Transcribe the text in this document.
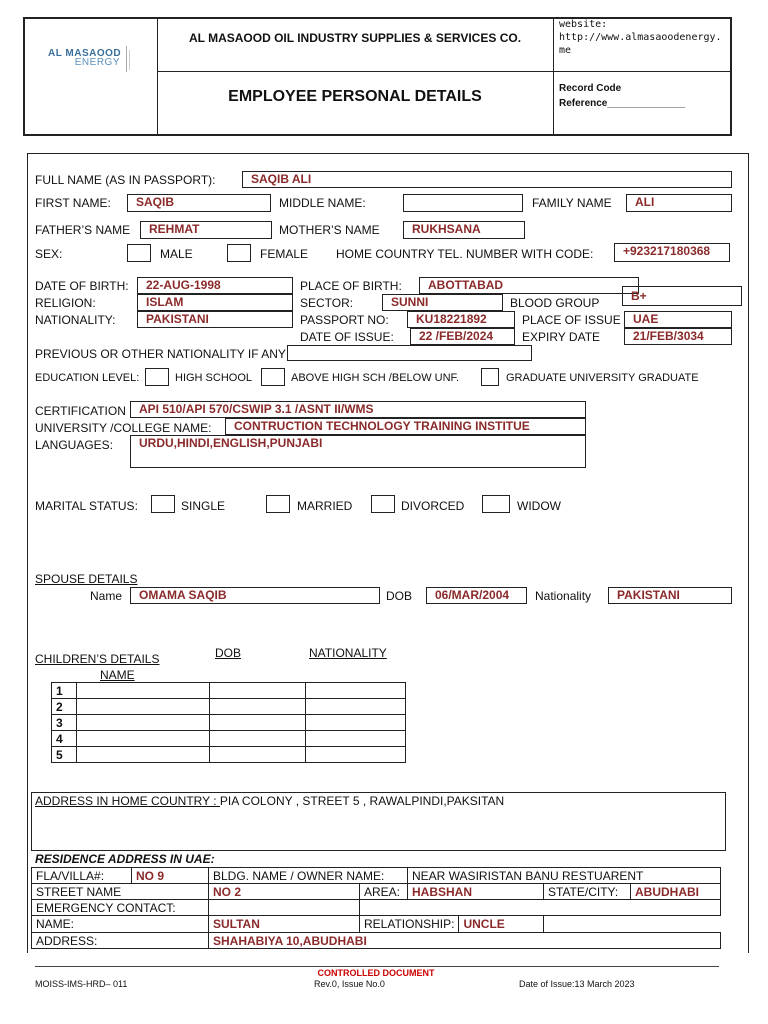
AL MASAOOD
ENERGY
AL MASAOOD OIL INDUSTRY SUPPLIES & SERVICES CO.
EMPLOYEE PERSONAL DETAILS
website:
http://www.almasaoodenergy.me
Record Code
Reference______________
FULL NAME (AS IN PASSPORT):	SAQIB ALI
FIRST NAME:	SAQIB	MIDDLE NAME:	FAMILY NAME	ALI
FATHER’S NAME	REHMAT	MOTHER’S NAME	RUKHSANA
SEX:	MALE	FEMALE HOME COUNTRY TEL. NUMBER WITH CODE:	+923217180368
DATE OF BIRTH:	22-AUG-1998	PLACE OF BIRTH:	ABOTTABAD
RELIGION:	ISLAM	SECTOR:	SUNNI	BLOOD GROUP	B+
NATIONALITY:	PAKISTANI	PASSPORT NO:	KU18221892	PLACE OF ISSUE	UAE
DATE OF ISSUE:	22 /FEB/2024	EXPIRY DATE	21/FEB/3034
PREVIOUS OR OTHER NATIONALITY IF ANY
EDUCATION LEVEL:	HIGH SCHOOL	ABOVE HIGH SCH /BELOW UNF.	GRADUATE UNIVERSITY GRADUATE
CERTIFICATION	API 510/API 570/CSWIP 3.1 /ASNT II/WMS
UNIVERSITY /COLLEGE NAME:	CONTRUCTION TECHNOLOGY TRAINING INSTITUE
LANGUAGES:	URDU,HINDI,ENGLISH,PUNJABI
MARITAL STATUS:	SINGLE	MARRIED	DIVORCED	WIDOW
SPOUSE DETAILS
Name	OMAMA SAQIB	DOB	06/MAR/2004	Nationality	PAKISTANI
CHILDREN’S DETAILS
NAME
DOB	NATIONALITY
1			
2			
3			
4			
5			
ADDRESS IN HOME COUNTRY : PIA COLONY , STREET 5 , RAWALPINDI,PAKSITAN
RESIDENCE ADDRESS IN UAE:
FLA/VILLA#:	NO 9	BLDG. NAME / OWNER NAME:		NEAR WASIRISTAN BANU RESTUARENT		
STREET NAME		NO 2	AREA:	HABSHAN	STATE/CITY:	ABUDHABI
EMERGENCY CONTACT:						
NAME:		SULTAN	RELATIONSHIP: UNCLE			
ADDRESS:		SHAHABIYA 10,ABUDHABI				
CONTROLLED DOCUMENT
MOISS-IMS-HRD– 011	Rev.0, Issue No.0	Date of Issue:13 March 2023
